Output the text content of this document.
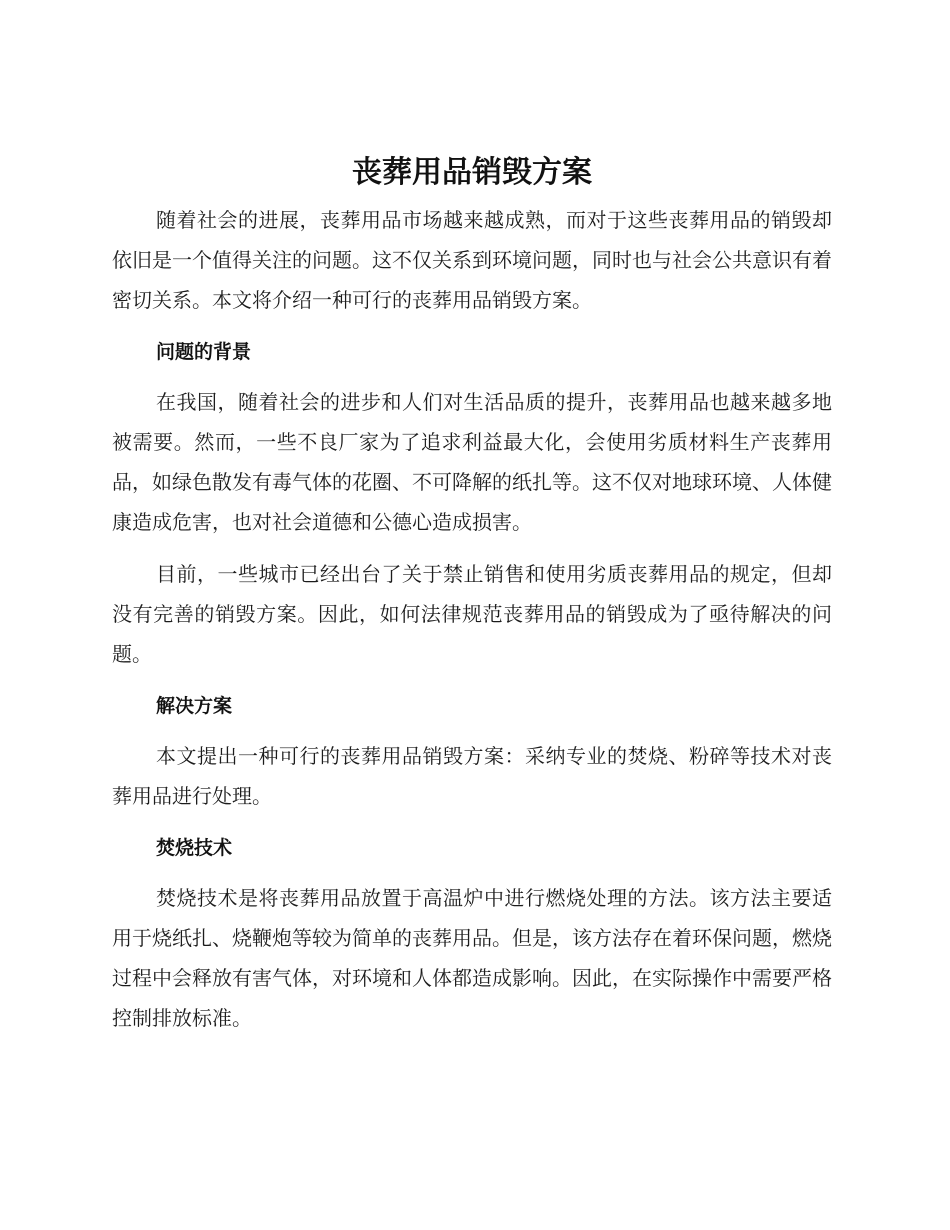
丧葬用品销毁方案

随着社会的进展，丧葬用品市场越来越成熟，而对于这些丧葬用品的销毁却依旧是一个值得关注的问题。这不仅关系到环境问题，同时也与社会公共意识有着密切关系。本文将介绍一种可行的丧葬用品销毁方案。

问题的背景

在我国，随着社会的进步和人们对生活品质的提升，丧葬用品也越来越多地被需要。然而，一些不良厂家为了追求利益最大化，会使用劣质材料生产丧葬用品，如绿色散发有毒气体的花圈、不可降解的纸扎等。这不仅对地球环境、人体健康造成危害，也对社会道德和公德心造成损害。

目前，一些城市已经出台了关于禁止销售和使用劣质丧葬用品的规定，但却没有完善的销毁方案。因此，如何法律规范丧葬用品的销毁成为了亟待解决的问题。

解决方案

本文提出一种可行的丧葬用品销毁方案：采纳专业的焚烧、粉碎等技术对丧葬用品进行处理。

焚烧技术

焚烧技术是将丧葬用品放置于高温炉中进行燃烧处理的方法。该方法主要适用于烧纸扎、烧鞭炮等较为简单的丧葬用品。但是，该方法存在着环保问题，燃烧过程中会释放有害气体，对环境和人体都造成影响。因此，在实际操作中需要严格控制排放标准。
